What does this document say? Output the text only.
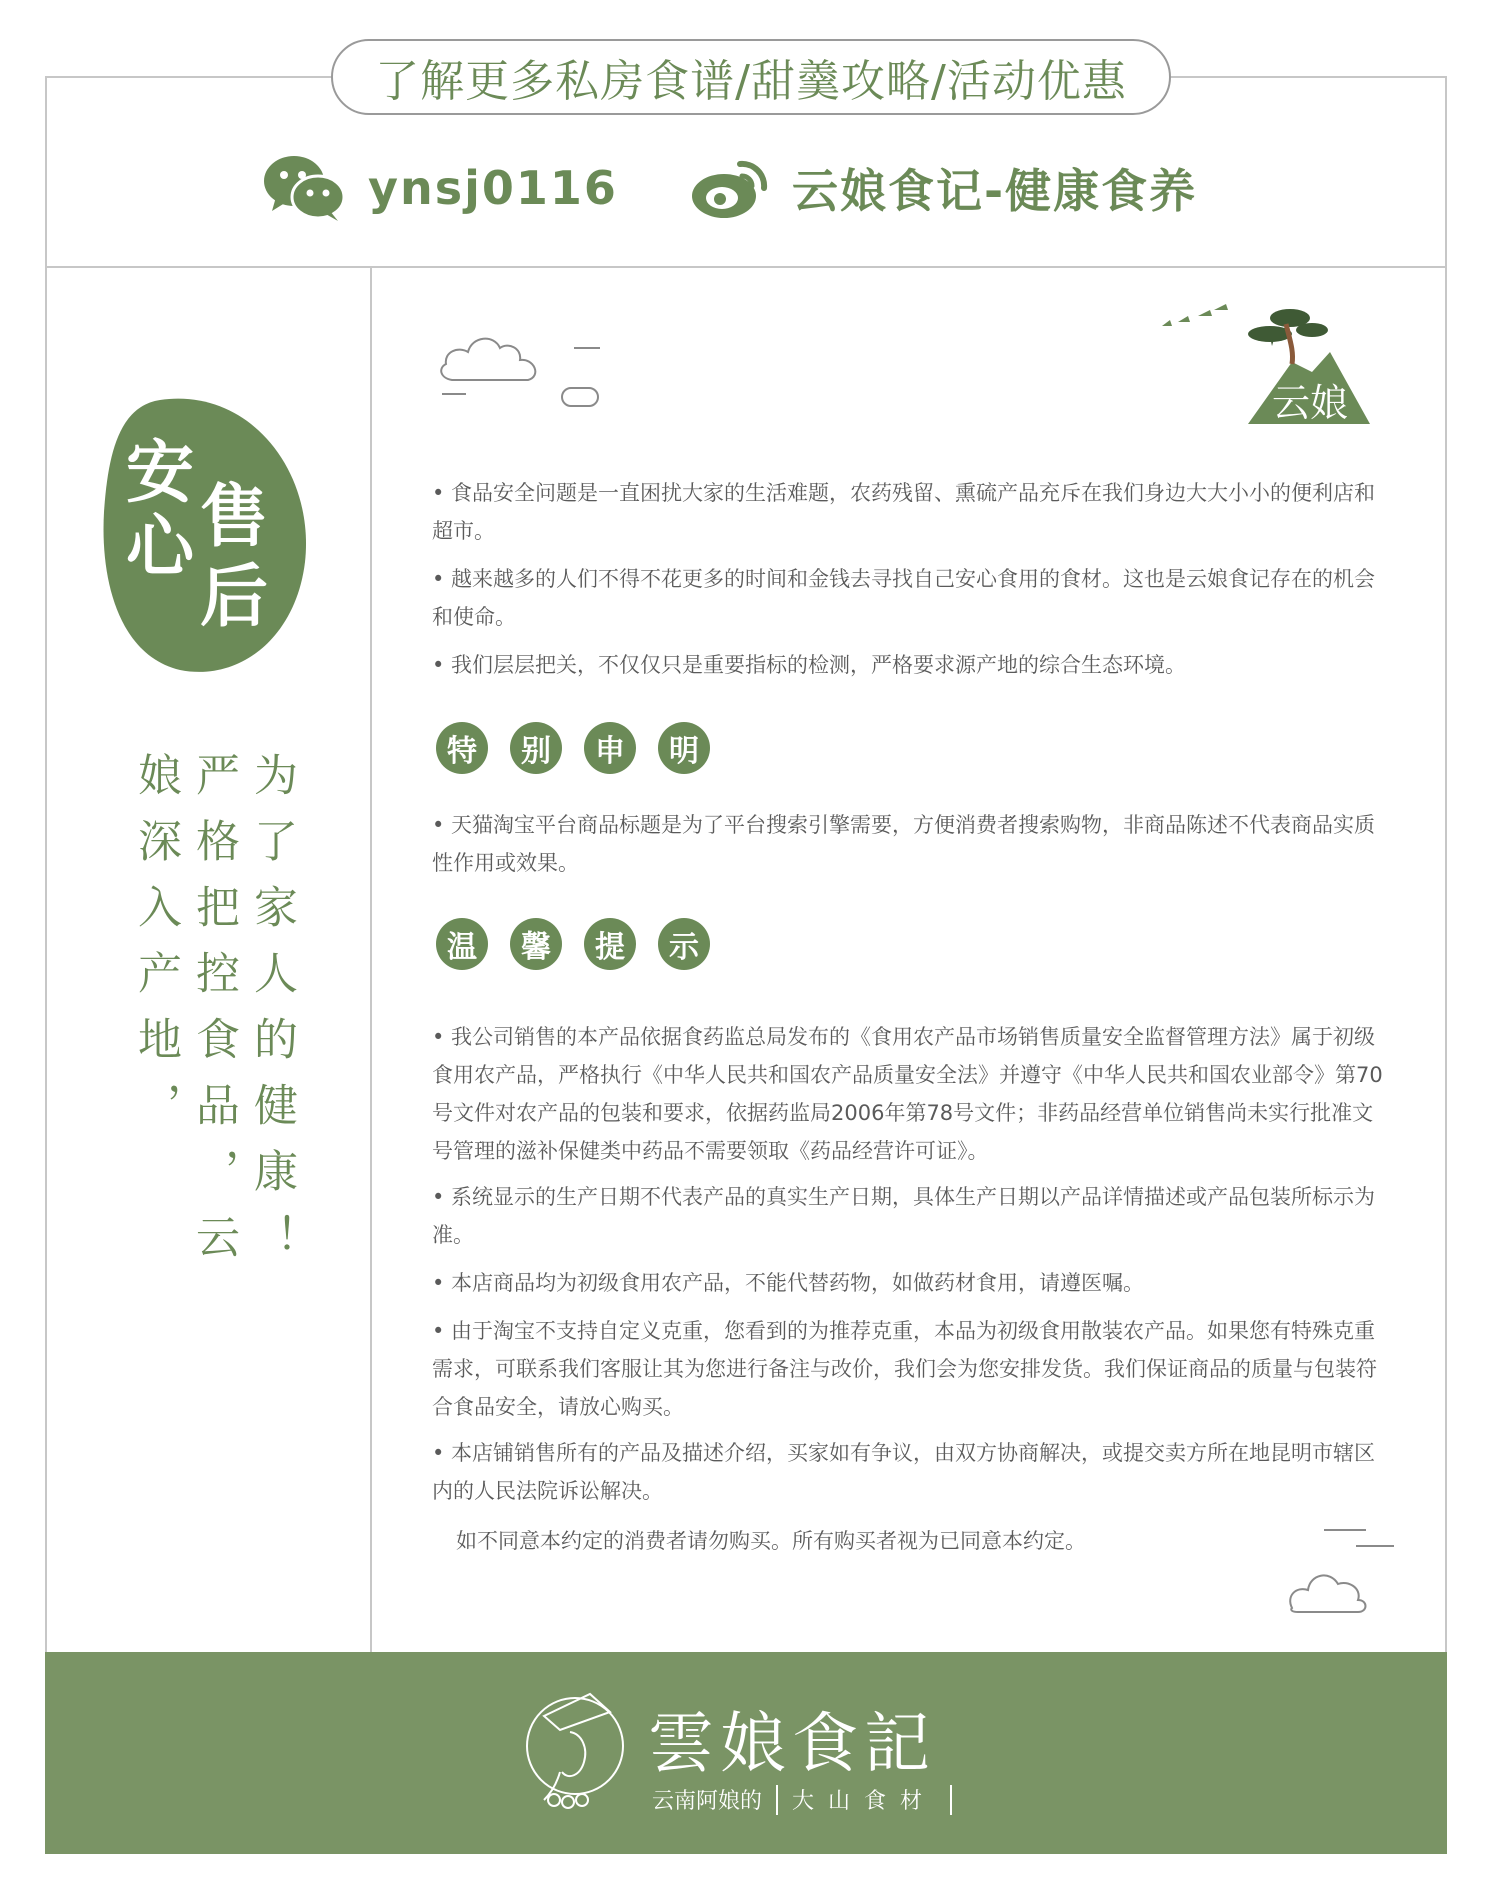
了解更多私房食谱/甜羹攻略/活动优惠
ynsj0116	云娘食记-健康食养
安
心 售
后
为了家人的健康！严格把控食品，云娘深入产地，
云娘

• 食品安全问题是一直困扰大家的生活难题，农药残留、熏硫产品充斥在我们身边大大小小的便利店和超市。

• 越来越多的人们不得不花更多的时间和金钱去寻找自己安心食用的食材。这也是云娘食记存在的机会和使命。

• 我们层层把关，不仅仅只是重要指标的检测，严格要求源产地的综合生态环境。

特	别	申	明

• 天猫淘宝平台商品标题是为了平台搜索引擎需要，方便消费者搜索购物，非商品陈述不代表商品实质性作用或效果。

温	馨	提	示

• 我公司销售的本产品依据食药监总局发布的《食用农产品市场销售质量安全监督管理方法》属于初级食用农产品，严格执行《中华人民共和国农产品质量安全法》并遵守《中华人民共和国农业部令》第70号文件对农产品的包装和要求，依据药监局2006年第78号文件；非药品经营单位销售尚未实行批准文号管理的滋补保健类中药品不需要领取《药品经营许可证》。

• 系统显示的生产日期不代表产品的真实生产日期，具体生产日期以产品详情描述或产品包装所标示为准。

• 本店商品均为初级食用农产品，不能代替药物，如做药材食用，请遵医嘱。

• 由于淘宝不支持自定义克重，您看到的为推荐克重，本品为初级食用散装农产品。如果您有特殊克重需求，可联系我们客服让其为您进行备注与改价，我们会为您安排发货。我们保证商品的质量与包装符合食品安全，请放心购买。

• 本店铺销售所有的产品及描述介绍，买家如有争议，由双方协商解决，或提交卖方所在地昆明市辖区内的人民法院诉讼解决。

如不同意本约定的消费者请勿购买。所有购买者视为已同意本约定。

雲娘食記
云南阿娘的 大山食材
